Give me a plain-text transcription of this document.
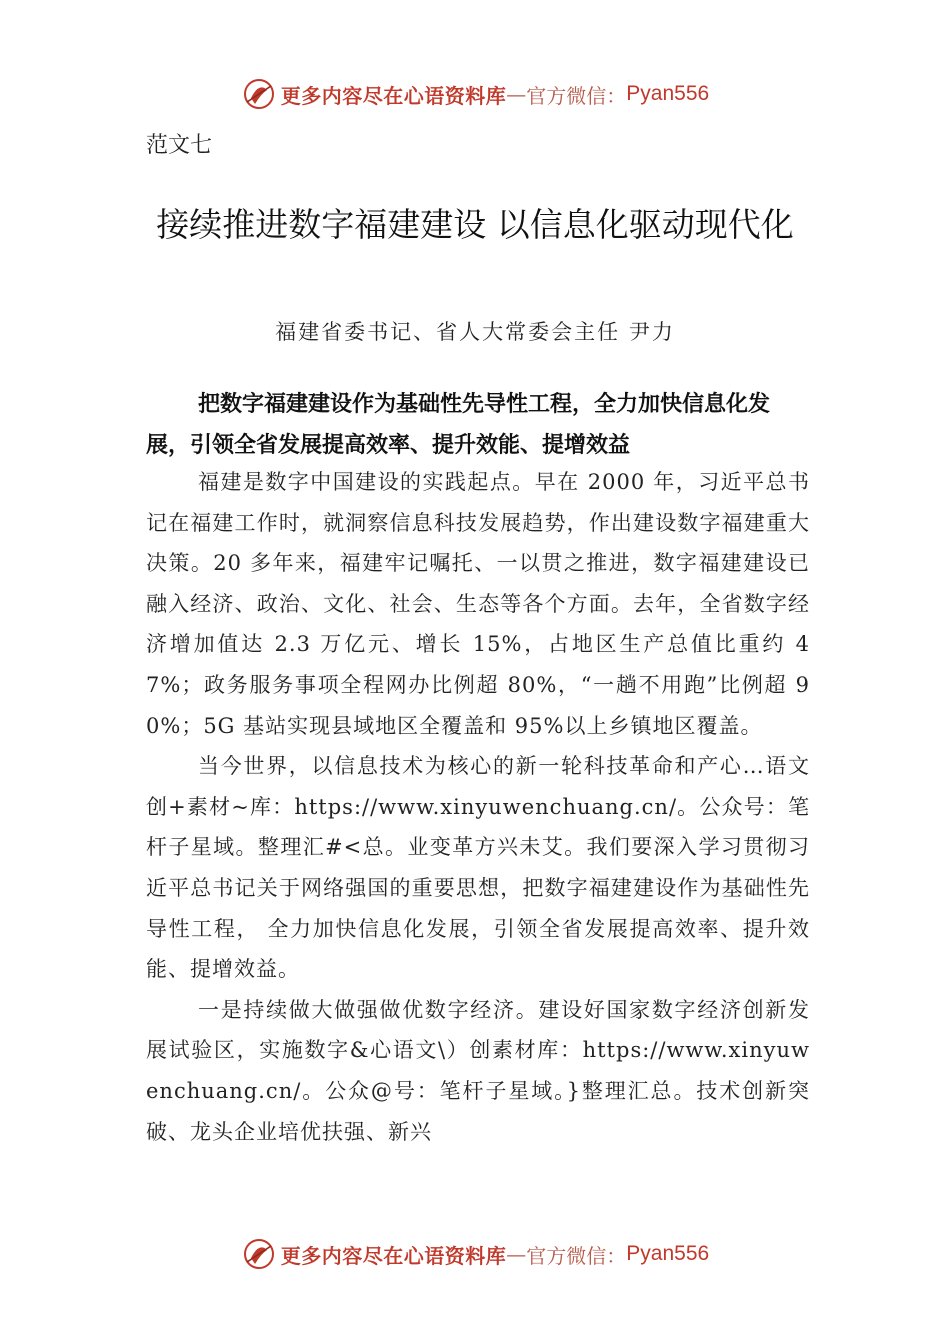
更多内容尽在心语资料库 — 官方微信： Pyan556
范文七
接续推进数字福建建设 以信息化驱动现代化
福建省委书记、省人大常委会主任 尹力
把数字福建建设作为基础性先导性工程，全力加快信息化发展，引领全省发展提高效率、提升效能、提增效益

福建是数字中国建设的实践起点。早在 2000 年，习近平总书记在福建工作时，就洞察信息科技发展趋势，作出建设数字福建重大决策。20 多年来，福建牢记嘱托、一以贯之推进，数字福建建设已融入经济、政治、文化、社会、生态等各个方面。去年，全省数字经济增加值达 2.3 万亿元、增长 15%，占地区生产总值比重约 47%；政务服务事项全程网办比例超 80%，“一趟不用跑”比例超 90%；5G 基站实现县域地区全覆盖和 95%以上乡镇地区覆盖。

当今世界，以信息技术为核心的新一轮科技革命和产心…语文创+素材~库：https://www.xinyuwenchuang.cn/。公众号：笔杆子星域。整理汇#<总。业变革方兴未艾。我们要深入学习贯彻习近平总书记关于网络强国的重要思想，把数字福建建设作为基础性先导性工程， 全力加快信息化发展，引领全省发展提高效率、提升效能、提增效益。

一是持续做大做强做优数字经济。建设好国家数字经济创新发展试验区，实施数字&心语文\）创素材库：https://www.xinyuwenchuang.cn/。公众@号：笔杆子星域。}整理汇总。技术创新突破、龙头企业培优扶强、新兴

更多内容尽在心语资料库 — 官方微信： Pyan556
